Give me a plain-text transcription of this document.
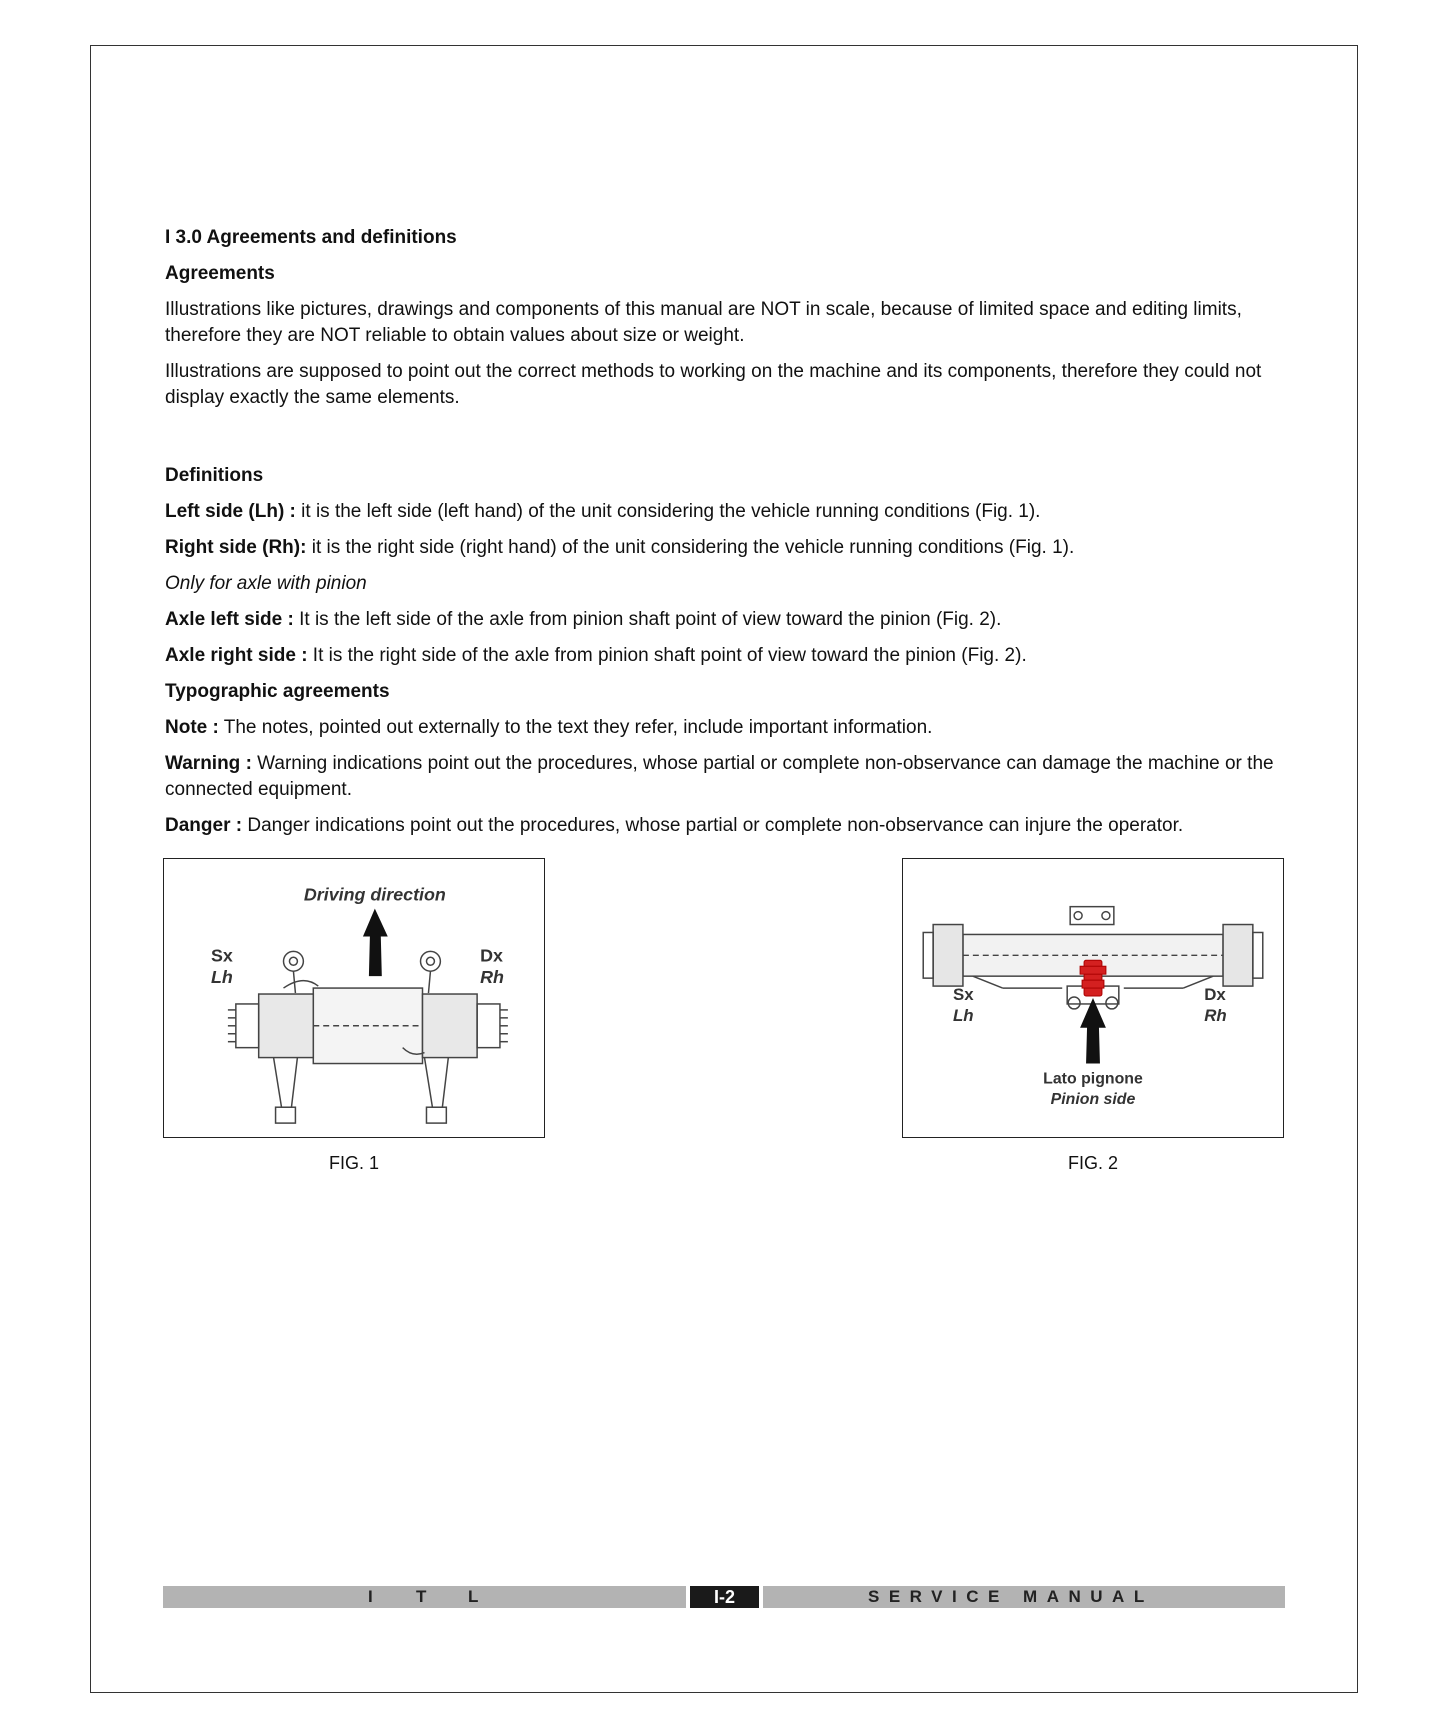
I 3.0 Agreements and definitions
Agreements
Illustrations like pictures, drawings and components of this manual are NOT in scale, because of limited space and editing limits, therefore they are NOT reliable to obtain values about size or weight.
Illustrations are supposed to point out the correct methods to working on the machine and its components, therefore they could not display exactly the same elements.
Definitions
Left side (Lh) : it is the left side (left hand) of the unit considering the vehicle running conditions (Fig. 1).
Right side (Rh): it is the right side (right hand) of the unit considering the vehicle running conditions (Fig. 1).
Only for axle with pinion
Axle left side : It is the left side of the axle from pinion shaft point of view toward the pinion (Fig. 2).
Axle right side : It is the right side of the axle from pinion shaft point of view toward the pinion (Fig. 2).
Typographic agreements
Note : The notes, pointed out externally to the text they refer, include important information.
Warning : Warning indications point out the procedures, whose partial or complete non-observance can damage the machine or the connected equipment.
Danger : Danger indications point out the procedures, whose partial or complete non-observance can injure the operator.
Driving direction
Sx
Lh
Dx
Rh
FIG. 1
Sx
Lh
Dx
Rh
Lato pignone
Pinion side
FIG. 2
I	T L	I-2	SERVICE MANUAL
